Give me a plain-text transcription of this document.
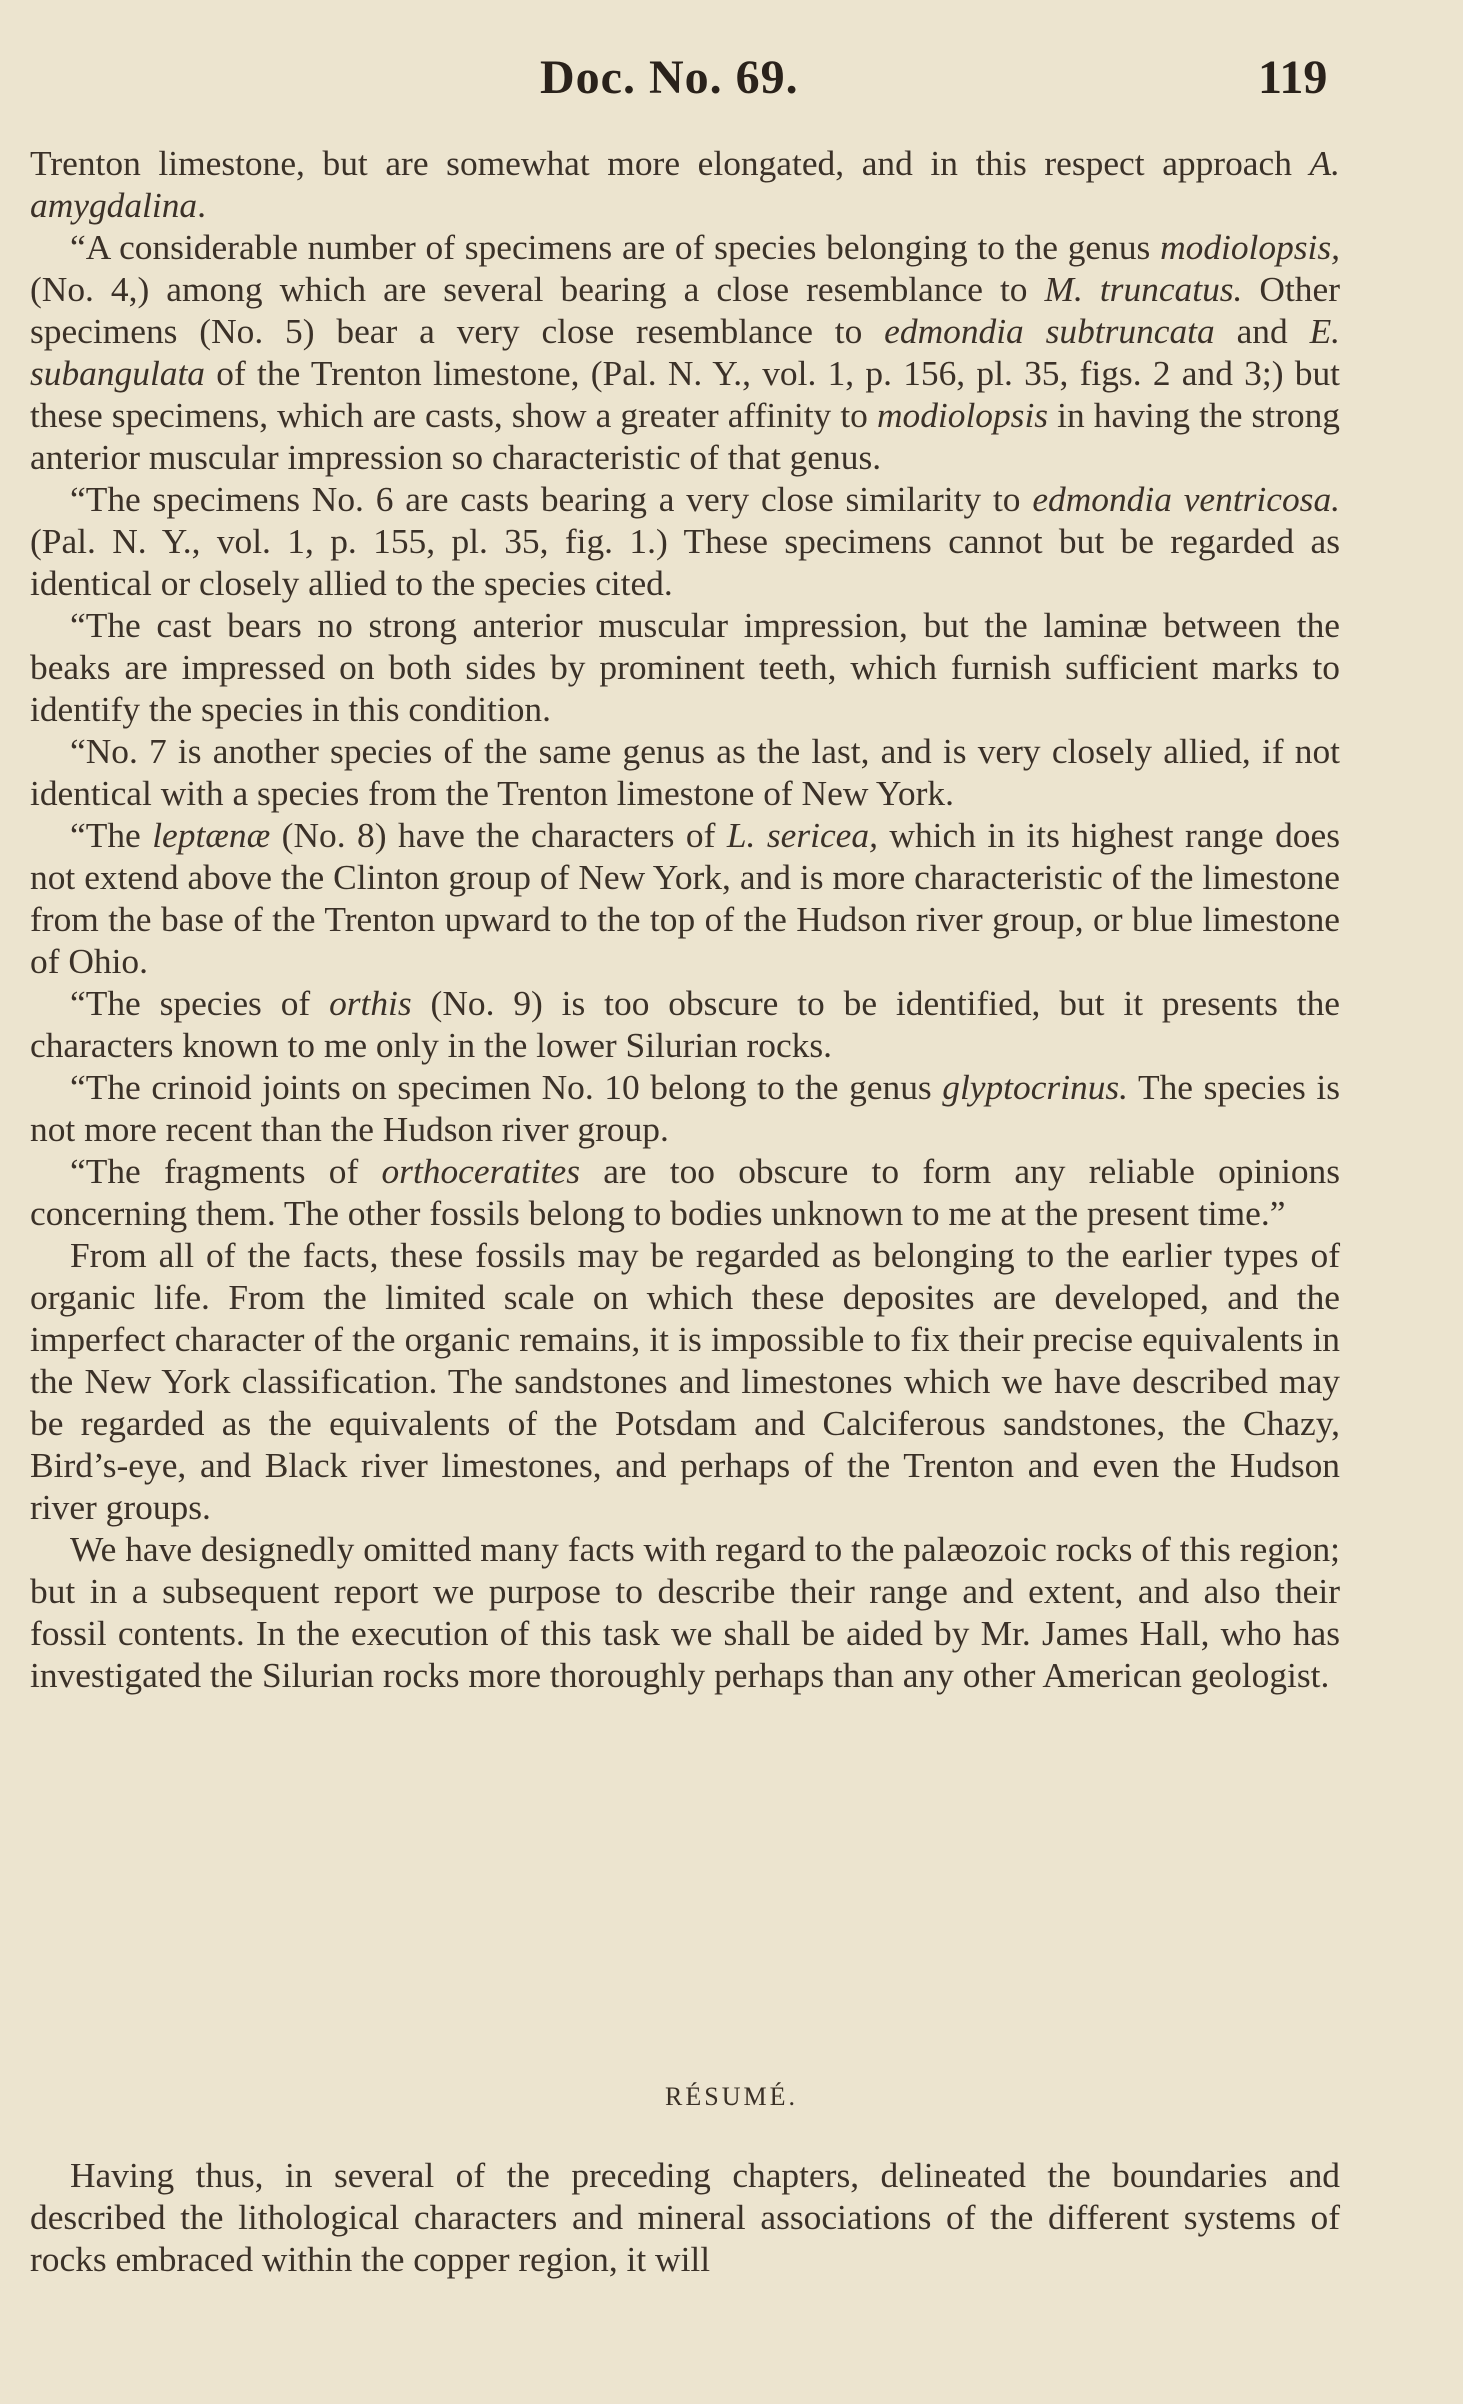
Doc. No. 69.	119

Trenton limestone, but are somewhat more elongated, and in this respect approach A. amygdalina.

“A considerable number of specimens are of species belonging to the genus modiolopsis, (No. 4,) among which are several bearing a close resemblance to M. truncatus. Other specimens (No. 5) bear a very close resemblance to edmondia subtruncata and E. subangulata of the Trenton limestone, (Pal. N. Y., vol. 1, p. 156, pl. 35, figs. 2 and 3;) but these specimens, which are casts, show a greater affinity to modiolopsis in having the strong anterior muscular impression so characteristic of that genus.

“The specimens No. 6 are casts bearing a very close similarity to edmondia ventricosa. (Pal. N. Y., vol. 1, p. 155, pl. 35, fig. 1.) These specimens cannot but be regarded as identical or closely allied to the species cited.

“The cast bears no strong anterior muscular impression, but the laminæ between the beaks are impressed on both sides by prominent teeth, which furnish sufficient marks to identify the species in this condition.

“No. 7 is another species of the same genus as the last, and is very closely allied, if not identical with a species from the Trenton limestone of New York.

“The leptænæ (No. 8) have the characters of L. sericea, which in its highest range does not extend above the Clinton group of New York, and is more characteristic of the limestone from the base of the Trenton upward to the top of the Hudson river group, or blue limestone of Ohio.

“The species of orthis (No. 9) is too obscure to be identified, but it presents the characters known to me only in the lower Silurian rocks.

“The crinoid joints on specimen No. 10 belong to the genus glyptocrinus. The species is not more recent than the Hudson river group.

“The fragments of orthoceratites are too obscure to form any reliable opinions concerning them. The other fossils belong to bodies unknown to me at the present time.”

From all of the facts, these fossils may be regarded as belonging to the earlier types of organic life. From the limited scale on which these deposites are developed, and the imperfect character of the organic remains, it is impossible to fix their precise equivalents in the New York classification. The sandstones and limestones which we have described may be regarded as the equivalents of the Potsdam and Calciferous sandstones, the Chazy, Bird’s-eye, and Black river limestones, and perhaps of the Trenton and even the Hudson river groups.

We have designedly omitted many facts with regard to the palæozoic rocks of this region; but in a subsequent report we purpose to describe their range and extent, and also their fossil contents. In the execution of this task we shall be aided by Mr. James Hall, who has investigated the Silurian rocks more thoroughly perhaps than any other American geologist.

RÉSUMÉ.

Having thus, in several of the preceding chapters, delineated the boundaries and described the lithological characters and mineral associations of the different systems of rocks embraced within the copper region, it will
